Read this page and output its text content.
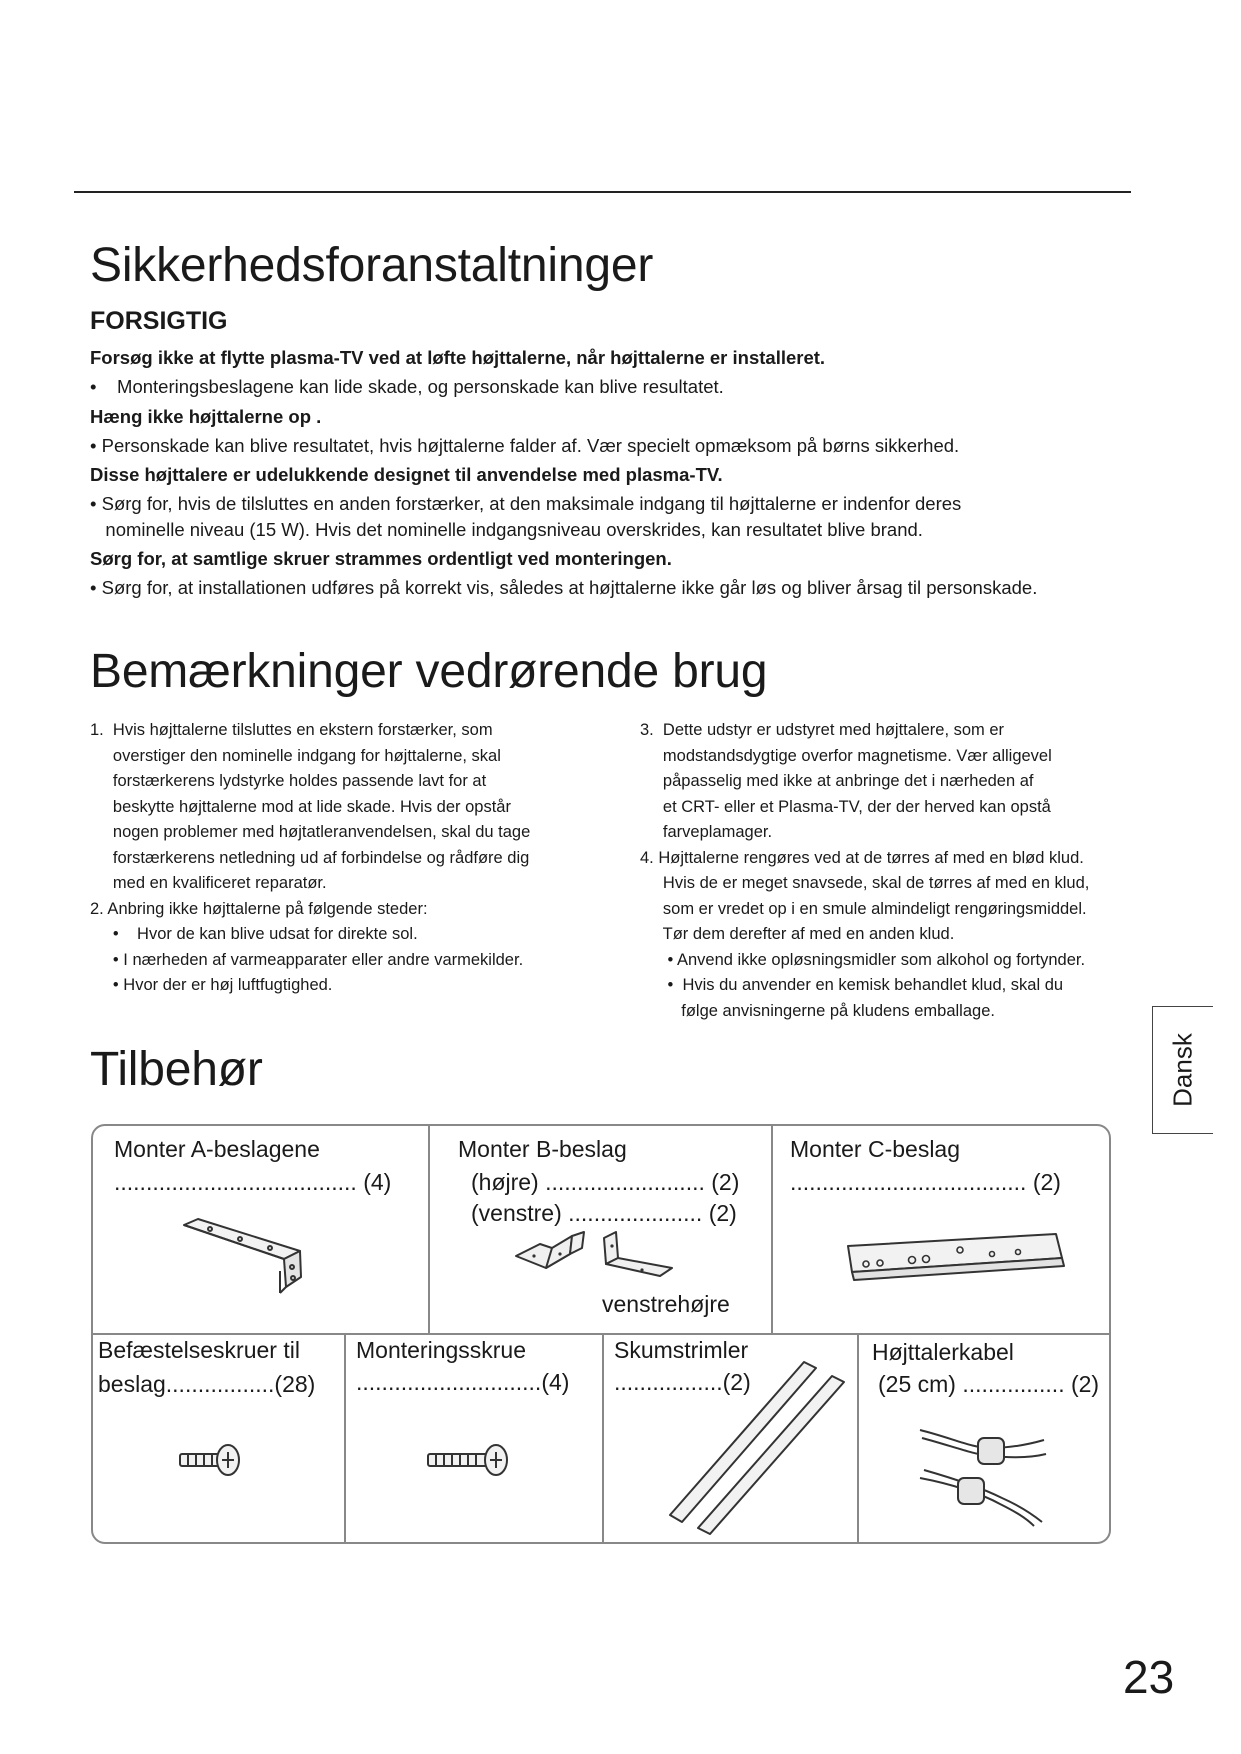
Sikkerhedsforanstaltninger
FORSIGTIG
Forsøg ikke at flytte plasma-TV ved at løfte højttalerne, når højttalerne er installeret.
•    Monteringsbeslagene kan lide skade, og personskade kan blive resultatet.
Hæng ikke højttalerne op .
• Personskade kan blive resultatet, hvis højttalerne falder af. Vær specielt opmæksom på børns sikkerhed.
Disse højttalere er udelukkende designet til anvendelse med plasma-TV.
• Sørg for, hvis de tilsluttes en anden forstærker, at den maksimale indgang til højttalerne er indenfor deres
nominelle niveau (15 W). Hvis det nominelle indgangsniveau overskrides, kan resultatet blive brand.
Sørg for, at samtlige skruer strammes ordentligt ved monteringen.
• Sørg for, at installationen udføres på korrekt vis, således at højttalerne ikke går løs og bliver årsag til personskade.
Bemærkninger vedrørende brug
1.  Hvis højttalerne tilsluttes en ekstern forstærker, som
overstiger den nominelle indgang for højttalerne, skal
forstærkerens lydstyrke holdes passende lavt for at
beskytte højttalerne mod at lide skade. Hvis der opstår
nogen problemer med højtatleranvendelsen, skal du tage
forstærkerens netledning ud af forbindelse og rådføre dig
med en kvalificeret reparatør.
2. Anbring ikke højttalerne på følgende steder:
•    Hvor de kan blive udsat for direkte sol.
• I nærheden af varmeapparater eller andre varmekilder.
• Hvor der er høj luftfugtighed.
3.  Dette udstyr er udstyret med højttalere, som er
modstandsdygtige overfor magnetisme. Vær alligevel
påpasselig med ikke at anbringe det i nærheden af
et CRT- eller et Plasma-TV, der der herved kan opstå
farveplamager.
4. Højttalerne rengøres ved at de tørres af med en blød klud.
Hvis de er meget snavsede, skal de tørres af med en klud,
som er vredet op i en smule almindeligt rengøringsmiddel.
Tør dem derefter af med en anden klud.
• Anvend ikke opløsningsmidler som alkohol og fortynder.
•  Hvis du anvender en kemisk behandlet klud, skal du
følge anvisningerne på kludens emballage.
Dansk
Tilbehør
Monter A-beslagene
...................................... (4)
Monter B-beslag
(højre) ......................... (2)
(venstre) ..................... (2)
venstrehøjre
Monter C-beslag
..................................... (2)
Befæstelseskruer til
beslag.................(28)
Monteringsskrue
.............................(4)
Skumstrimler
.................(2)
Højttalerkabel
(25 cm) ................ (2)
23
